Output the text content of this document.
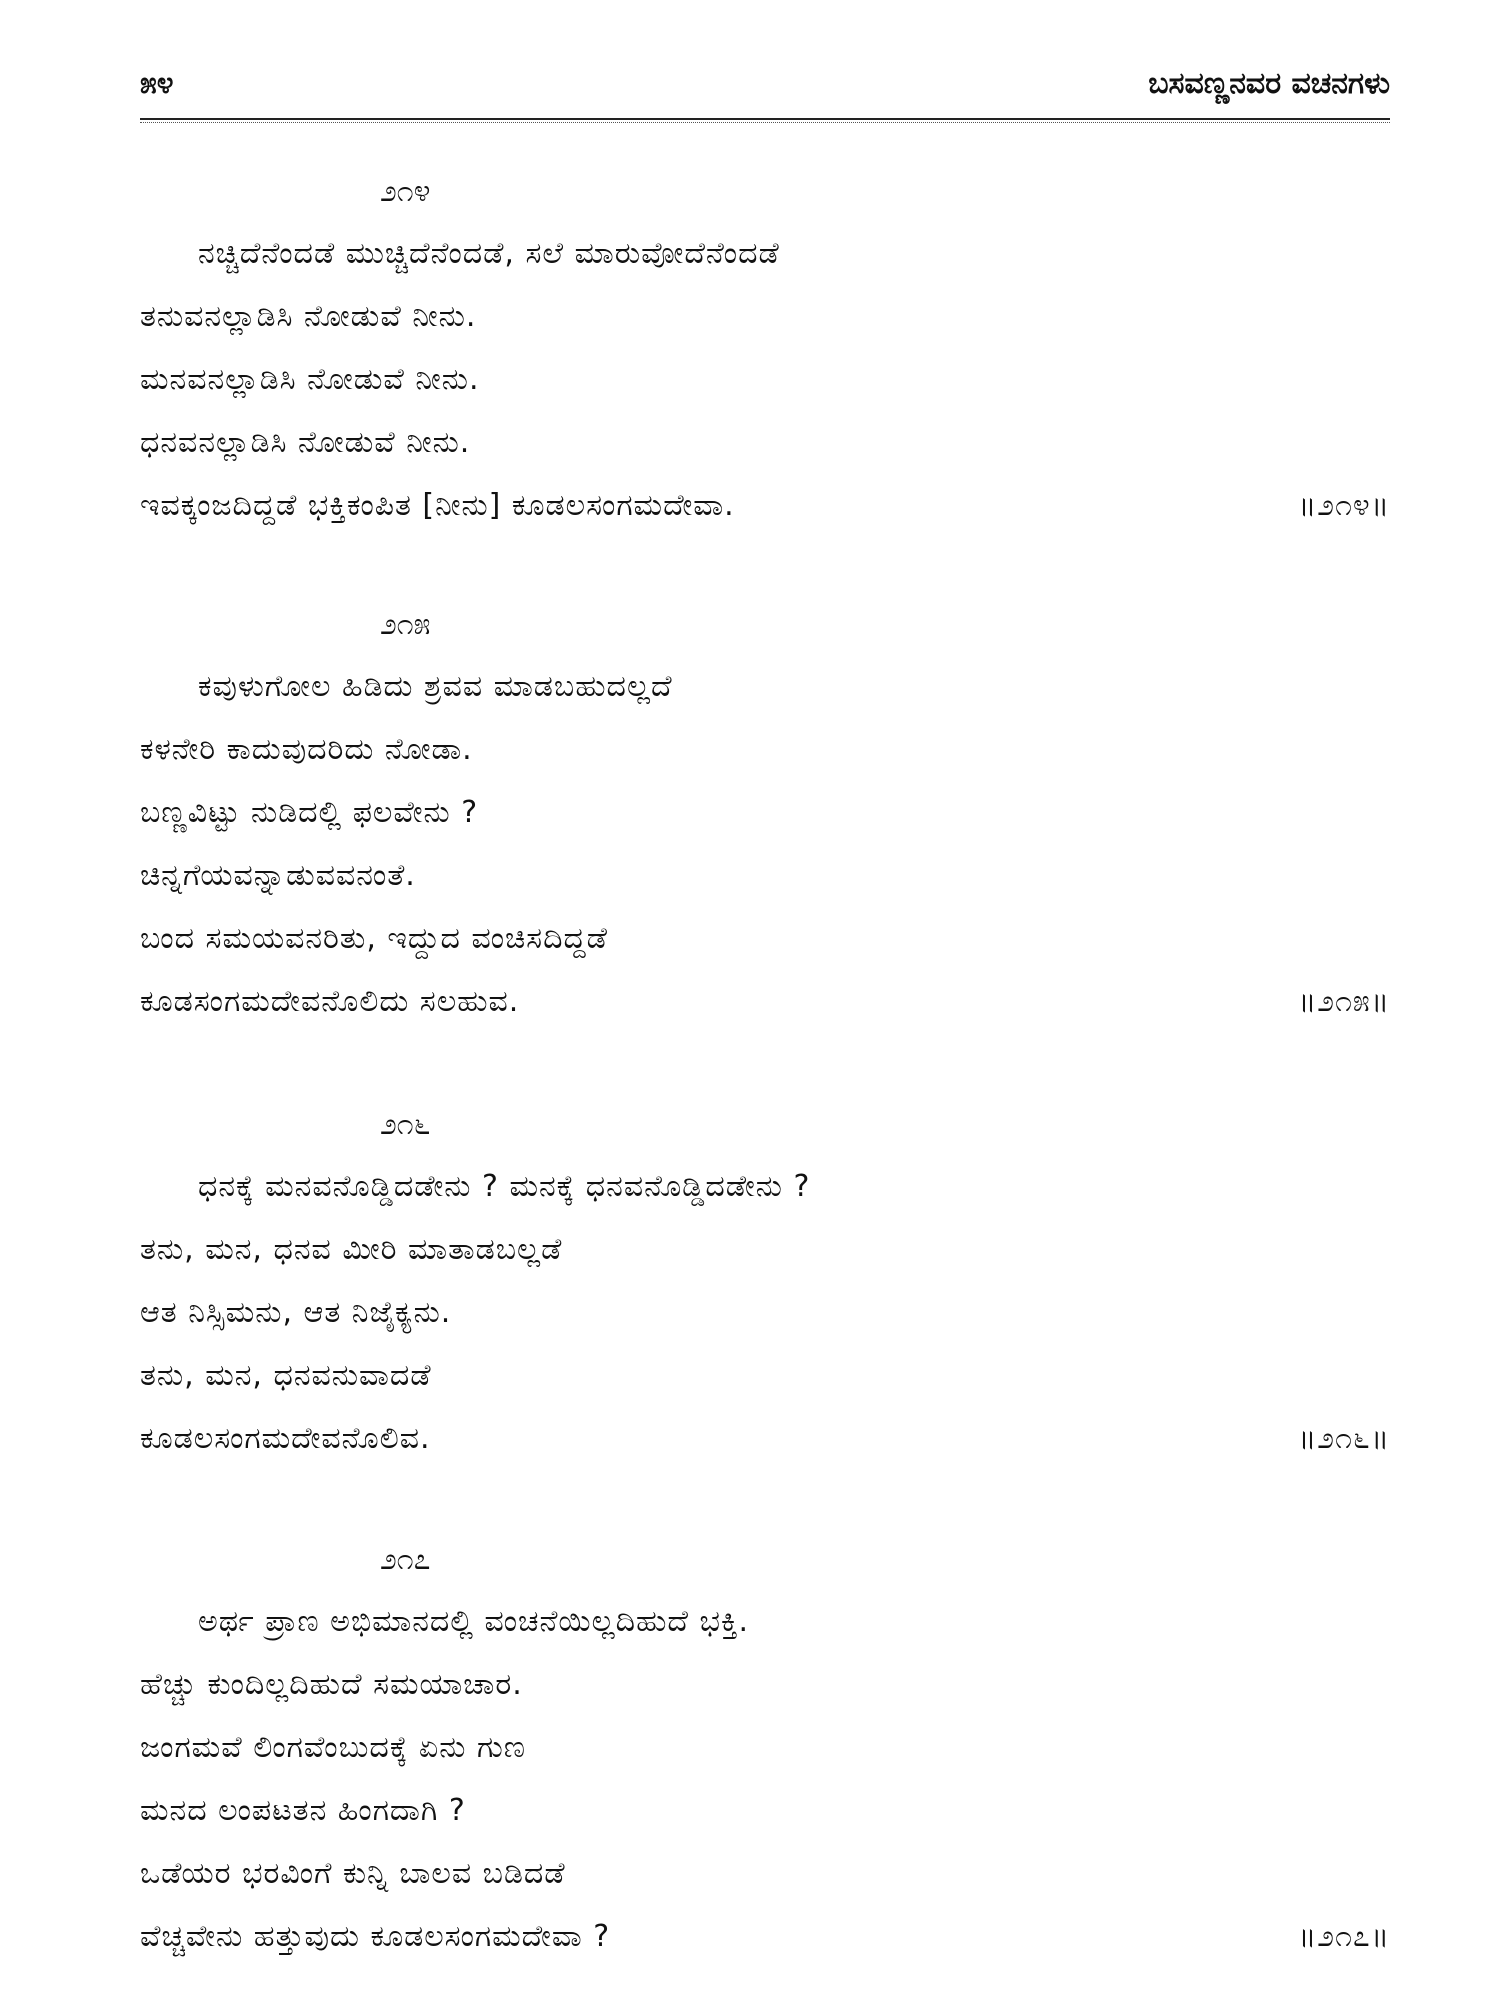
೫೪	ಬಸವಣ್ಣನವರ ವಚನಗಳು
೨೧೪
ನಚ್ಚಿದೆನೆಂದಡೆ ಮುಚ್ಚಿದೆನೆಂದಡೆ, ಸಲೆ ಮಾರುವೋದೆನೆಂದಡೆ
ತನುವನಲ್ಲಾಡಿಸಿ ನೋಡುವೆ ನೀನು.
ಮನವನಲ್ಲಾಡಿಸಿ ನೋಡುವೆ ನೀನು.
ಧನವನಲ್ಲಾಡಿಸಿ ನೋಡುವೆ ನೀನು.
ಇವಕ್ಕಂಜದಿದ್ದಡೆ ಭಕ್ತಿಕಂಪಿತ [ನೀನು] ಕೂಡಲಸಂಗಮದೇವಾ.	॥೨೧೪॥
೨೧೫
ಕವುಳುಗೋಲ ಹಿಡಿದು ಶ್ರವವ ಮಾಡಬಹುದಲ್ಲದೆ
ಕಳನೇರಿ ಕಾದುವುದರಿದು ನೋಡಾ.
ಬಣ್ಣವಿಟ್ಟು ನುಡಿದಲ್ಲಿ ಫಲವೇನು ?
ಚಿನ್ನಗೆಯವನ್ನಾಡುವವನಂತೆ.
ಬಂದ ಸಮಯವನರಿತು, ಇದ್ದುದ ವಂಚಿಸದಿದ್ದಡೆ
ಕೂಡಸಂಗಮದೇವನೊಲಿದು ಸಲಹುವ.	॥೨೧೫॥
೨೧೬
ಧನಕ್ಕೆ ಮನವನೊಡ್ಡಿದಡೇನು ? ಮನಕ್ಕೆ ಧನವನೊಡ್ಡಿದಡೇನು ?
ತನು, ಮನ, ಧನವ ಮೀರಿ ಮಾತಾಡಬಲ್ಲಡೆ
ಆತ ನಿಸ್ಸಿಮನು, ಆತ ನಿಜೈಕ್ಯನು.
ತನು, ಮನ, ಧನವನುವಾದಡೆ
ಕೂಡಲಸಂಗಮದೇವನೊಲಿವ.	॥೨೧೬॥
೨೧೭
ಅರ್ಥ ಪ್ರಾಣ ಅಭಿಮಾನದಲ್ಲಿ ವಂಚನೆಯಿಲ್ಲದಿಹುದೆ ಭಕ್ತಿ.
ಹೆಚ್ಚು ಕುಂದಿಲ್ಲದಿಹುದೆ ಸಮಯಾಚಾರ.
ಜಂಗಮವೆ ಲಿಂಗವೆಂಬುದಕ್ಕೆ ಏನು ಗುಣ
ಮನದ ಲಂಪಟತನ ಹಿಂಗದಾಗಿ ?
ಒಡೆಯರ ಭರವಿಂಗೆ ಕುನ್ನಿ ಬಾಲವ ಬಡಿದಡೆ
ವೆಚ್ಚವೇನು ಹತ್ತುವುದು ಕೂಡಲಸಂಗಮದೇವಾ ?	॥೨೧೭॥
